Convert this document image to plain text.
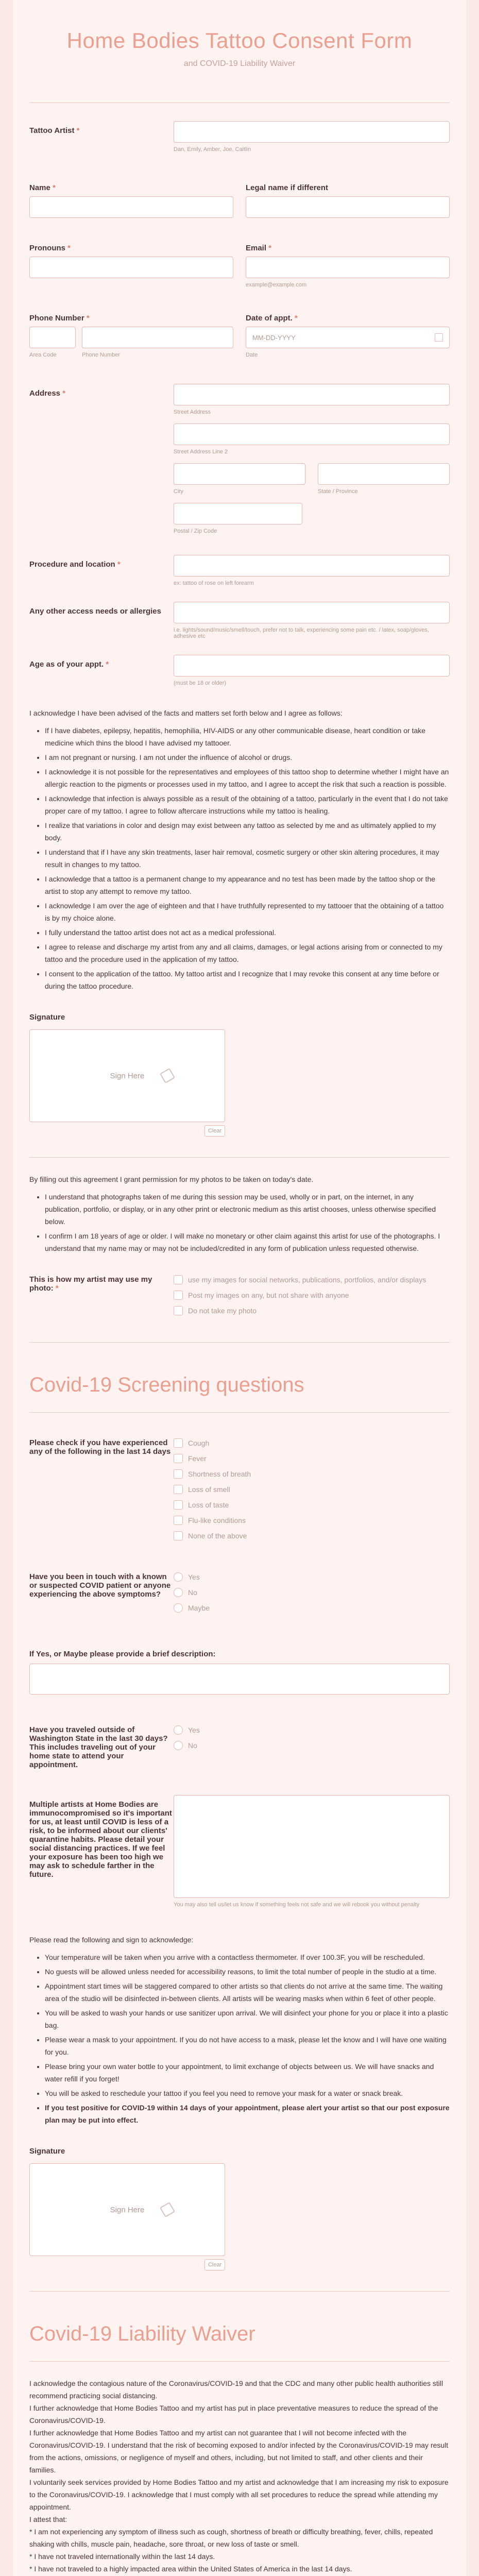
Home Bodies Tattoo Consent Form
and COVID-19 Liability Waiver
Tattoo Artist *
Dan, Emily, Amber, Joe, Caitlin
Name *	Legal name if different
Pronouns *	Email *
example@example.com
Phone Number *
Area Code	Phone Number
Date of appt. *
MM-DD-YYYY
Date
Address *
Street Address
Street Address Line 2
City	State / Province
Postal / Zip Code
Procedure and location *
ex: tattoo of rose on left forearm
Any other access needs or allergies
i.e. lights/sound/music/smell/touch, prefer not to talk, experiencing some pain etc. / latex, soap/gloves, adhesive etc
Age as of your appt. *
(must be 18 or older)
I acknowledge I have been advised of the facts and matters set forth below and I agree as follows:
• If I have diabetes, epilepsy, hepatitis, hemophilia, HIV-AIDS or any other communicable disease, heart condition or take medicine which thins the blood I have advised my tattooer.
• I am not pregnant or nursing. I am not under the influence of alcohol or drugs.
• I acknowledge it is not possible for the representatives and employees of this tattoo shop to determine whether I might have an allergic reaction to the pigments or processes used in my tattoo, and I agree to accept the risk that such a reaction is possible.
• I acknowledge that infection is always possible as a result of the obtaining of a tattoo, particularly in the event that I do not take proper care of my tattoo. I agree to follow aftercare instructions while my tattoo is healing.
• I realize that variations in color and design may exist between any tattoo as selected by me and as ultimately applied to my body.
• I understand that if I have any skin treatments, laser hair removal, cosmetic surgery or other skin altering procedures, it may result in changes to my tattoo.
• I acknowledge that a tattoo is a permanent change to my appearance and no test has been made by the tattoo shop or the artist to stop any attempt to remove my tattoo.
• I acknowledge I am over the age of eighteen and that I have truthfully represented to my tattooer that the obtaining of a tattoo is by my choice alone.
• I fully understand the tattoo artist does not act as a medical professional.
• I agree to release and discharge my artist from any and all claims, damages, or legal actions arising from or connected to my tattoo and the procedure used in the application of my tattoo.
• I consent to the application of the tattoo. My tattoo artist and I recognize that I may revoke this consent at any time before or during the tattoo procedure.
Signature
Sign Here
Clear
By filling out this agreement I grant permission for my photos to be taken on today's date.
• I understand that photographs taken of me during this session may be used, wholly or in part, on the internet, in any publication, portfolio, or display, or in any other print or electronic medium as this artist chooses, unless otherwise specified below.
• I confirm I am 18 years of age or older. I will make no monetary or other claim against this artist for use of the photographs. I understand that my name may or may not be included/credited in any form of publication unless requested otherwise.
This is how my artist may use my photo: *
use my images for social networks, publications, portfolios, and/or displays
Post my images on any, but not share with anyone
Do not take my photo
Covid-19 Screening questions
Please check if you have experienced any of the following in the last 14 days
Cough
Fever
Shortness of breath
Loss of smell
Loss of taste
Flu-like conditions
None of the above
Have you been in touch with a known or suspected COVID patient or anyone experiencing the above symptoms?
Yes
No
Maybe
If Yes, or Maybe please provide a brief description:
Have you traveled outside of Washington State in the last 30 days? This includes traveling out of your home state to attend your appointment.
Yes
No
Multiple artists at Home Bodies are immunocompromised so it's important for us, at least until COVID is less of a risk, to be informed about our clients' quarantine habits. Please detail your social distancing practices. If we feel your exposure has been too high we may ask to schedule farther in the future.
You may also tell us/let us know if something feels not safe and we will rebook you without penalty
Please read the following and sign to acknowledge:
• Your temperature will be taken when you arrive with a contactless thermometer. If over 100.3F, you will be rescheduled.
• No guests will be allowed unless needed for accessibility reasons, to limit the total number of people in the studio at a time.
• Appointment start times will be staggered compared to other artists so that clients do not arrive at the same time. The waiting area of the studio will be disinfected in-between clients. All artists will be wearing masks when within 6 feet of other people.
• You will be asked to wash your hands or use sanitizer upon arrival. We will disinfect your phone for you or place it into a plastic bag.
• Please wear a mask to your appointment. If you do not have access to a mask, please let the know and I will have one waiting for you.
• Please bring your own water bottle to your appointment, to limit exchange of objects between us. We will have snacks and water refill if you forget!
• You will be asked to reschedule your tattoo if you feel you need to remove your mask for a water or snack break.
• If you test positive for COVID-19 within 14 days of your appointment, please alert your artist so that our post exposure plan may be put into effect.
Signature
Sign Here
Clear
Covid-19 Liability Waiver
I acknowledge the contagious nature of the Coronavirus/COVID-19 and that the CDC and many other public health authorities still recommend practicing social distancing.
I further acknowledge that Home Bodies Tattoo and my artist has put in place preventative measures to reduce the spread of the Coronavirus/COVID-19.
I further acknowledge that Home Bodies Tattoo and my artist can not guarantee that I will not become infected with the Coronavirus/COVID-19. I understand that the risk of becoming exposed to and/or infected by the Coronavirus/COVID-19 may result from the actions, omissions, or negligence of myself and others, including, but not limited to staff, and other clients and their families.
I voluntarily seek services provided by Home Bodies Tattoo and my artist and acknowledge that I am increasing my risk to exposure to the Coronavirus/COVID-19. I acknowledge that I must comply with all set procedures to reduce the spread while attending my appointment.
I attest that:
* I am not experiencing any symptom of illness such as cough, shortness of breath or difficulty breathing, fever, chills, repeated shaking with chills, muscle pain, headache, sore throat, or new loss of taste or smell.
* I have not traveled internationally within the last 14 days.
* I have not traveled to a highly impacted area within the United States of America in the last 14 days.
